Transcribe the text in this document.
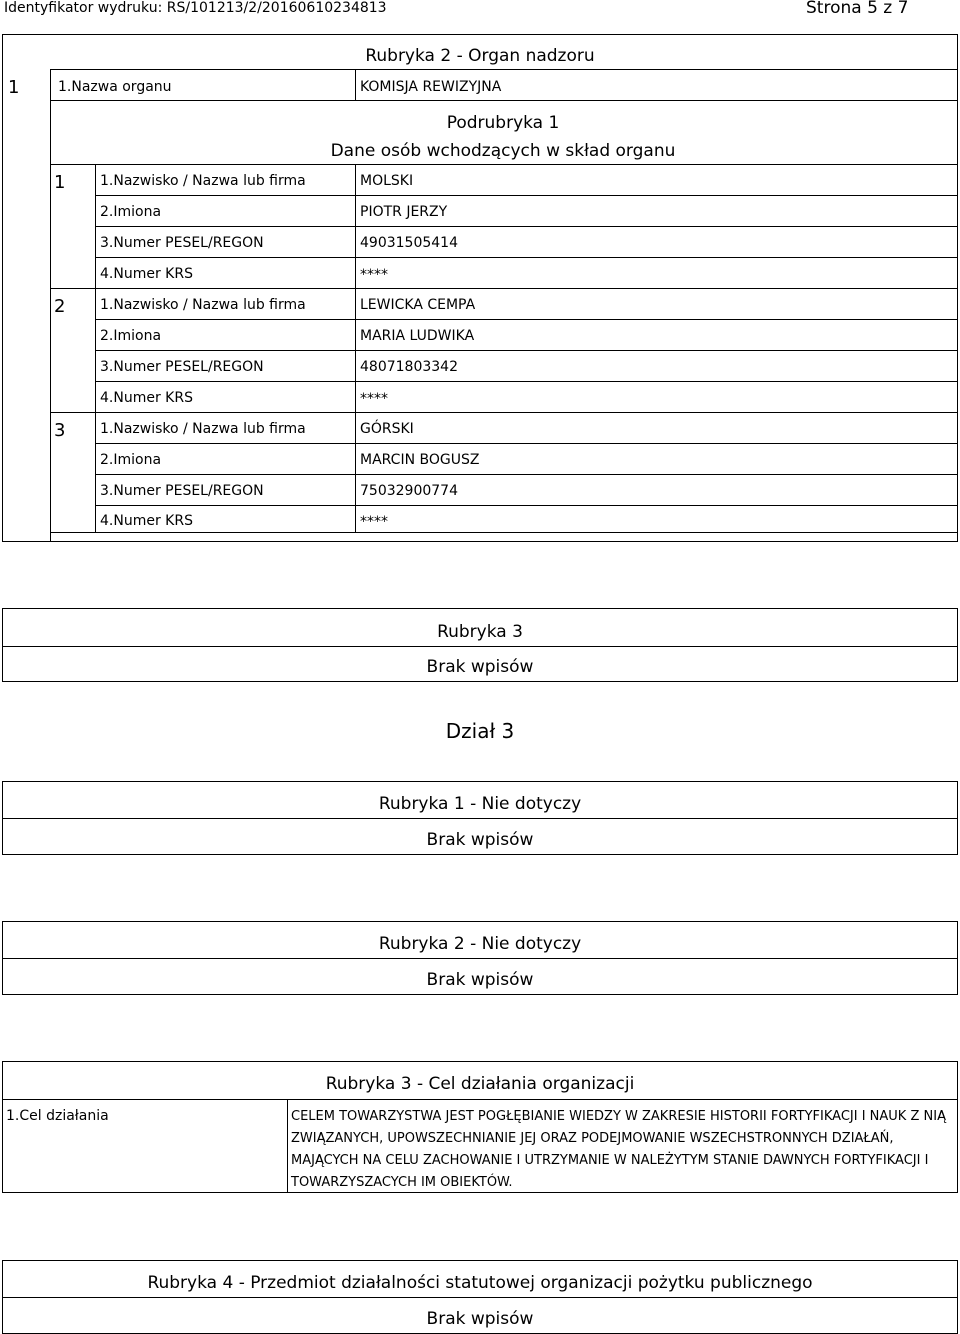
Identyfikator wydruku: RS/101213/2/20160610234813	Strona 5 z 7
Rubryka 2 - Organ nadzoru
1	1.Nazwa organu	KOMISJA REWIZYJNA
Podrubryka 1
Dane osób wchodzących w skład organu
1 1.Nazwisko / Nazwa lub firma	MOLSKI
2.Imiona	PIOTR JERZY
3.Numer PESEL/REGON	49031505414
4.Numer KRS	****
2 1.Nazwisko / Nazwa lub firma	LEWICKA CEMPA
2.Imiona	MARIA LUDWIKA
3.Numer PESEL/REGON	48071803342
4.Numer KRS	****
3 1.Nazwisko / Nazwa lub firma	GÓRSKI
2.Imiona	MARCIN BOGUSZ
3.Numer PESEL/REGON	75032900774
4.Numer KRS	****
Rubryka 3
Brak wpisów
Dział 3
Rubryka 1 - Nie dotyczy
Brak wpisów
Rubryka 2 - Nie dotyczy
Brak wpisów
Rubryka 3 - Cel działania organizacji
1.Cel działania	CELEM TOWARZYSTWA JEST POGŁĘBIANIE WIEDZY W ZAKRESIE HISTORII FORTYFIKACJI I NAUK Z NIĄ ZWIĄZANYCH, UPOWSZECHNIANIE JEJ ORAZ PODEJMOWANIE WSZECHSTRONNYCH DZIAŁAŃ, MAJĄCYCH NA CELU ZACHOWANIE I UTRZYMANIE W NALEŻYTYM STANIE DAWNYCH FORTYFIKACJI I TOWARZYSZACYCH IM OBIEKTÓW.
Rubryka 4 - Przedmiot działalności statutowej organizacji pożytku publicznego
Brak wpisów
